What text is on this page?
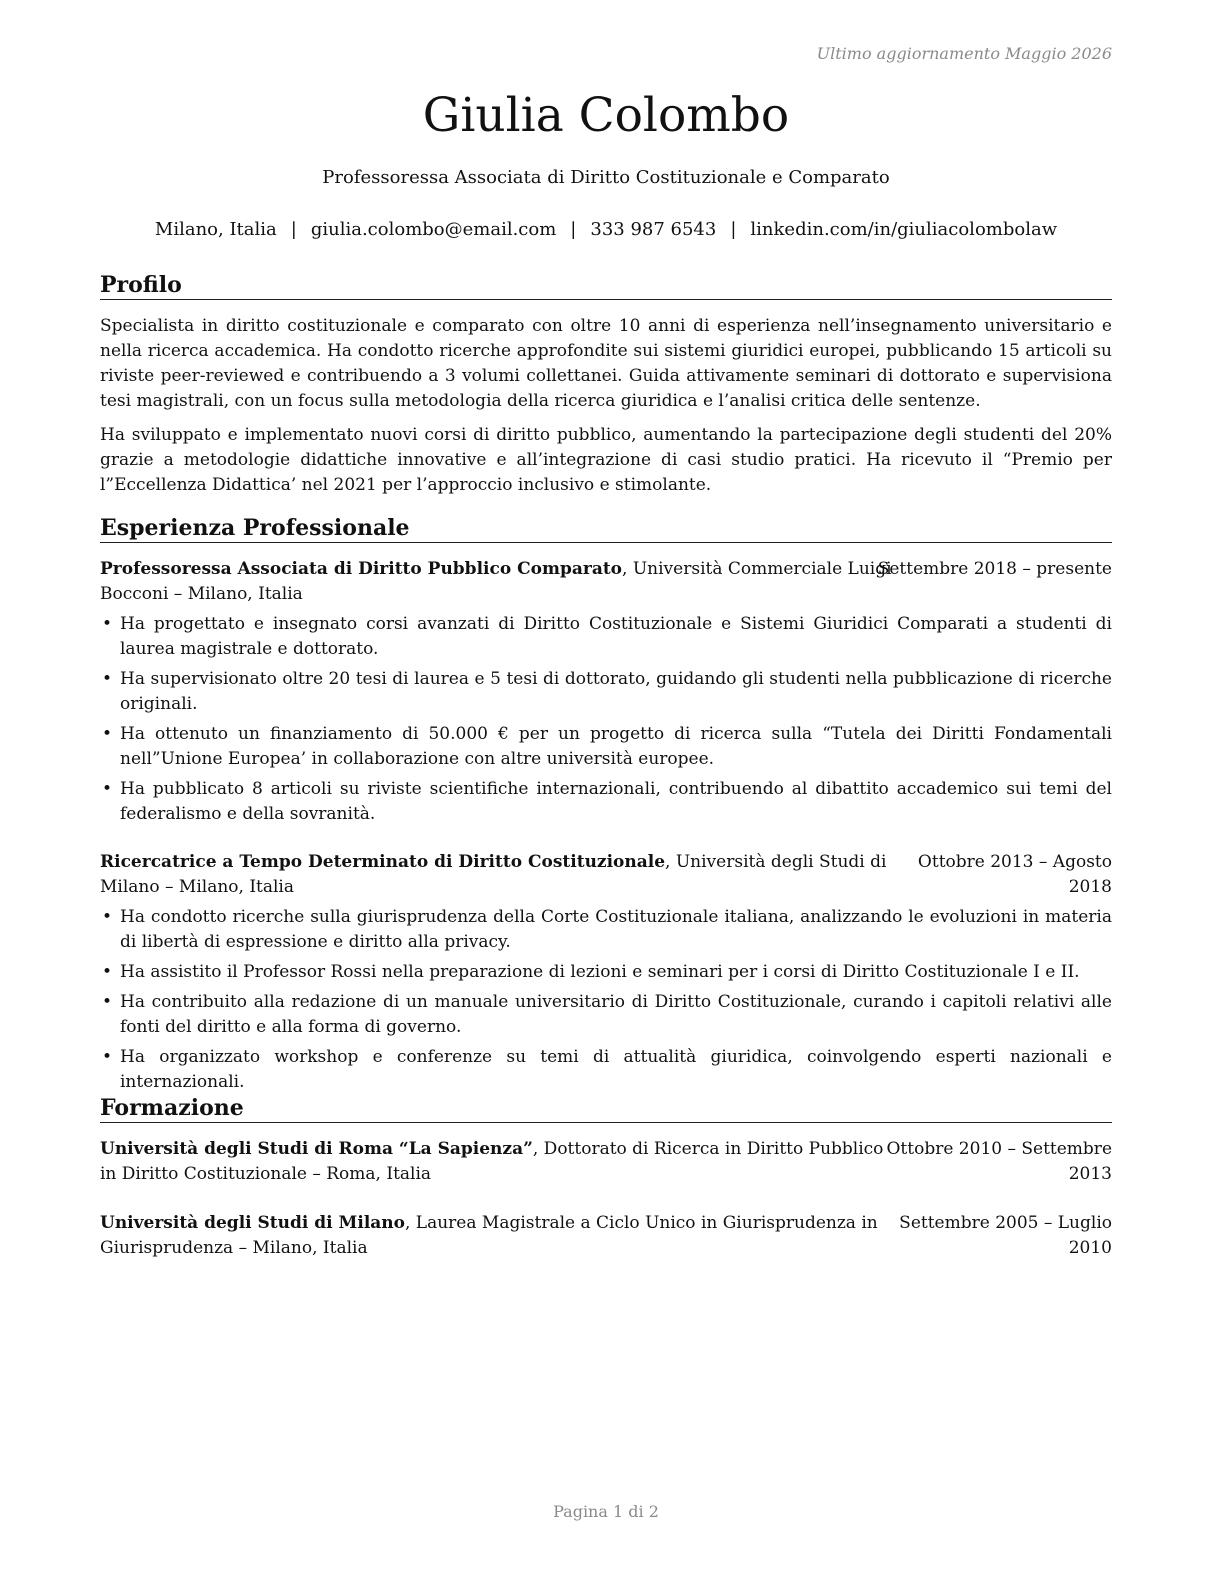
Ultimo aggiornamento Maggio 2026
Giulia Colombo
Professoressa Associata di Diritto Costituzionale e Comparato
Milano, Italia | giulia.colombo@email.com | 333 987 6543 | linkedin.com/in/giuliacolombolaw
Profilo
Specialista in diritto costituzionale e comparato con oltre 10 anni di esperienza nell’insegnamento universitario e nella ricerca accademica. Ha condotto ricerche approfondite sui sistemi giuridici europei, pubblicando 15 articoli su riviste peer-reviewed e contribuendo a 3 volumi collettanei. Guida attivamente seminari di dottorato e supervisiona tesi magistrali, con un focus sulla metodologia della ricerca giuridica e l’analisi critica delle sentenze.
Ha sviluppato e implementato nuovi corsi di diritto pubblico, aumentando la partecipazione degli studenti del 20% grazie a metodologie didattiche innovative e all’integrazione di casi studio pratici. Ha ricevuto il “Premio per l”Eccellenza Didattica’ nel 2021 per l’approccio inclusivo e stimolante.
Esperienza Professionale
Professoressa Associata di Diritto Pubblico Comparato, Università Commerciale Luigi
Bocconi – Milano, Italia
Settembre 2018 – presente
• Ha progettato e insegnato corsi avanzati di Diritto Costituzionale e Sistemi Giuridici Comparati a studenti di laurea magistrale e dottorato.
• Ha supervisionato oltre 20 tesi di laurea e 5 tesi di dottorato, guidando gli studenti nella pubblicazione di ricerche originali.
• Ha ottenuto un finanziamento di 50.000 € per un progetto di ricerca sulla “Tutela dei Diritti Fondamentali nell”Unione Europea’ in collaborazione con altre università europee.
• Ha pubblicato 8 articoli su riviste scientifiche internazionali, contribuendo al dibattito accademico sui temi del federalismo e della sovranità.
Ricercatrice a Tempo Determinato di Diritto Costituzionale, Università degli Studi di
Milano – Milano, Italia
Ottobre 2013 – Agosto
2018
• Ha condotto ricerche sulla giurisprudenza della Corte Costituzionale italiana, analizzando le evoluzioni in materia di libertà di espressione e diritto alla privacy.
• Ha assistito il Professor Rossi nella preparazione di lezioni e seminari per i corsi di Diritto Costituzionale I e II.
• Ha contribuito alla redazione di un manuale universitario di Diritto Costituzionale, curando i capitoli relativi alle fonti del diritto e alla forma di governo.
• Ha organizzato workshop e conferenze su temi di attualità giuridica, coinvolgendo esperti nazionali e internazionali.
Formazione
Università degli Studi di Roma “La Sapienza”, Dottorato di Ricerca in Diritto Pubblico
in Diritto Costituzionale – Roma, Italia
Ottobre 2010 – Settembre
2013
Università degli Studi di Milano, Laurea Magistrale a Ciclo Unico in Giurisprudenza in
Giurisprudenza – Milano, Italia
Settembre 2005 – Luglio
2010
Pagina 1 di 2
